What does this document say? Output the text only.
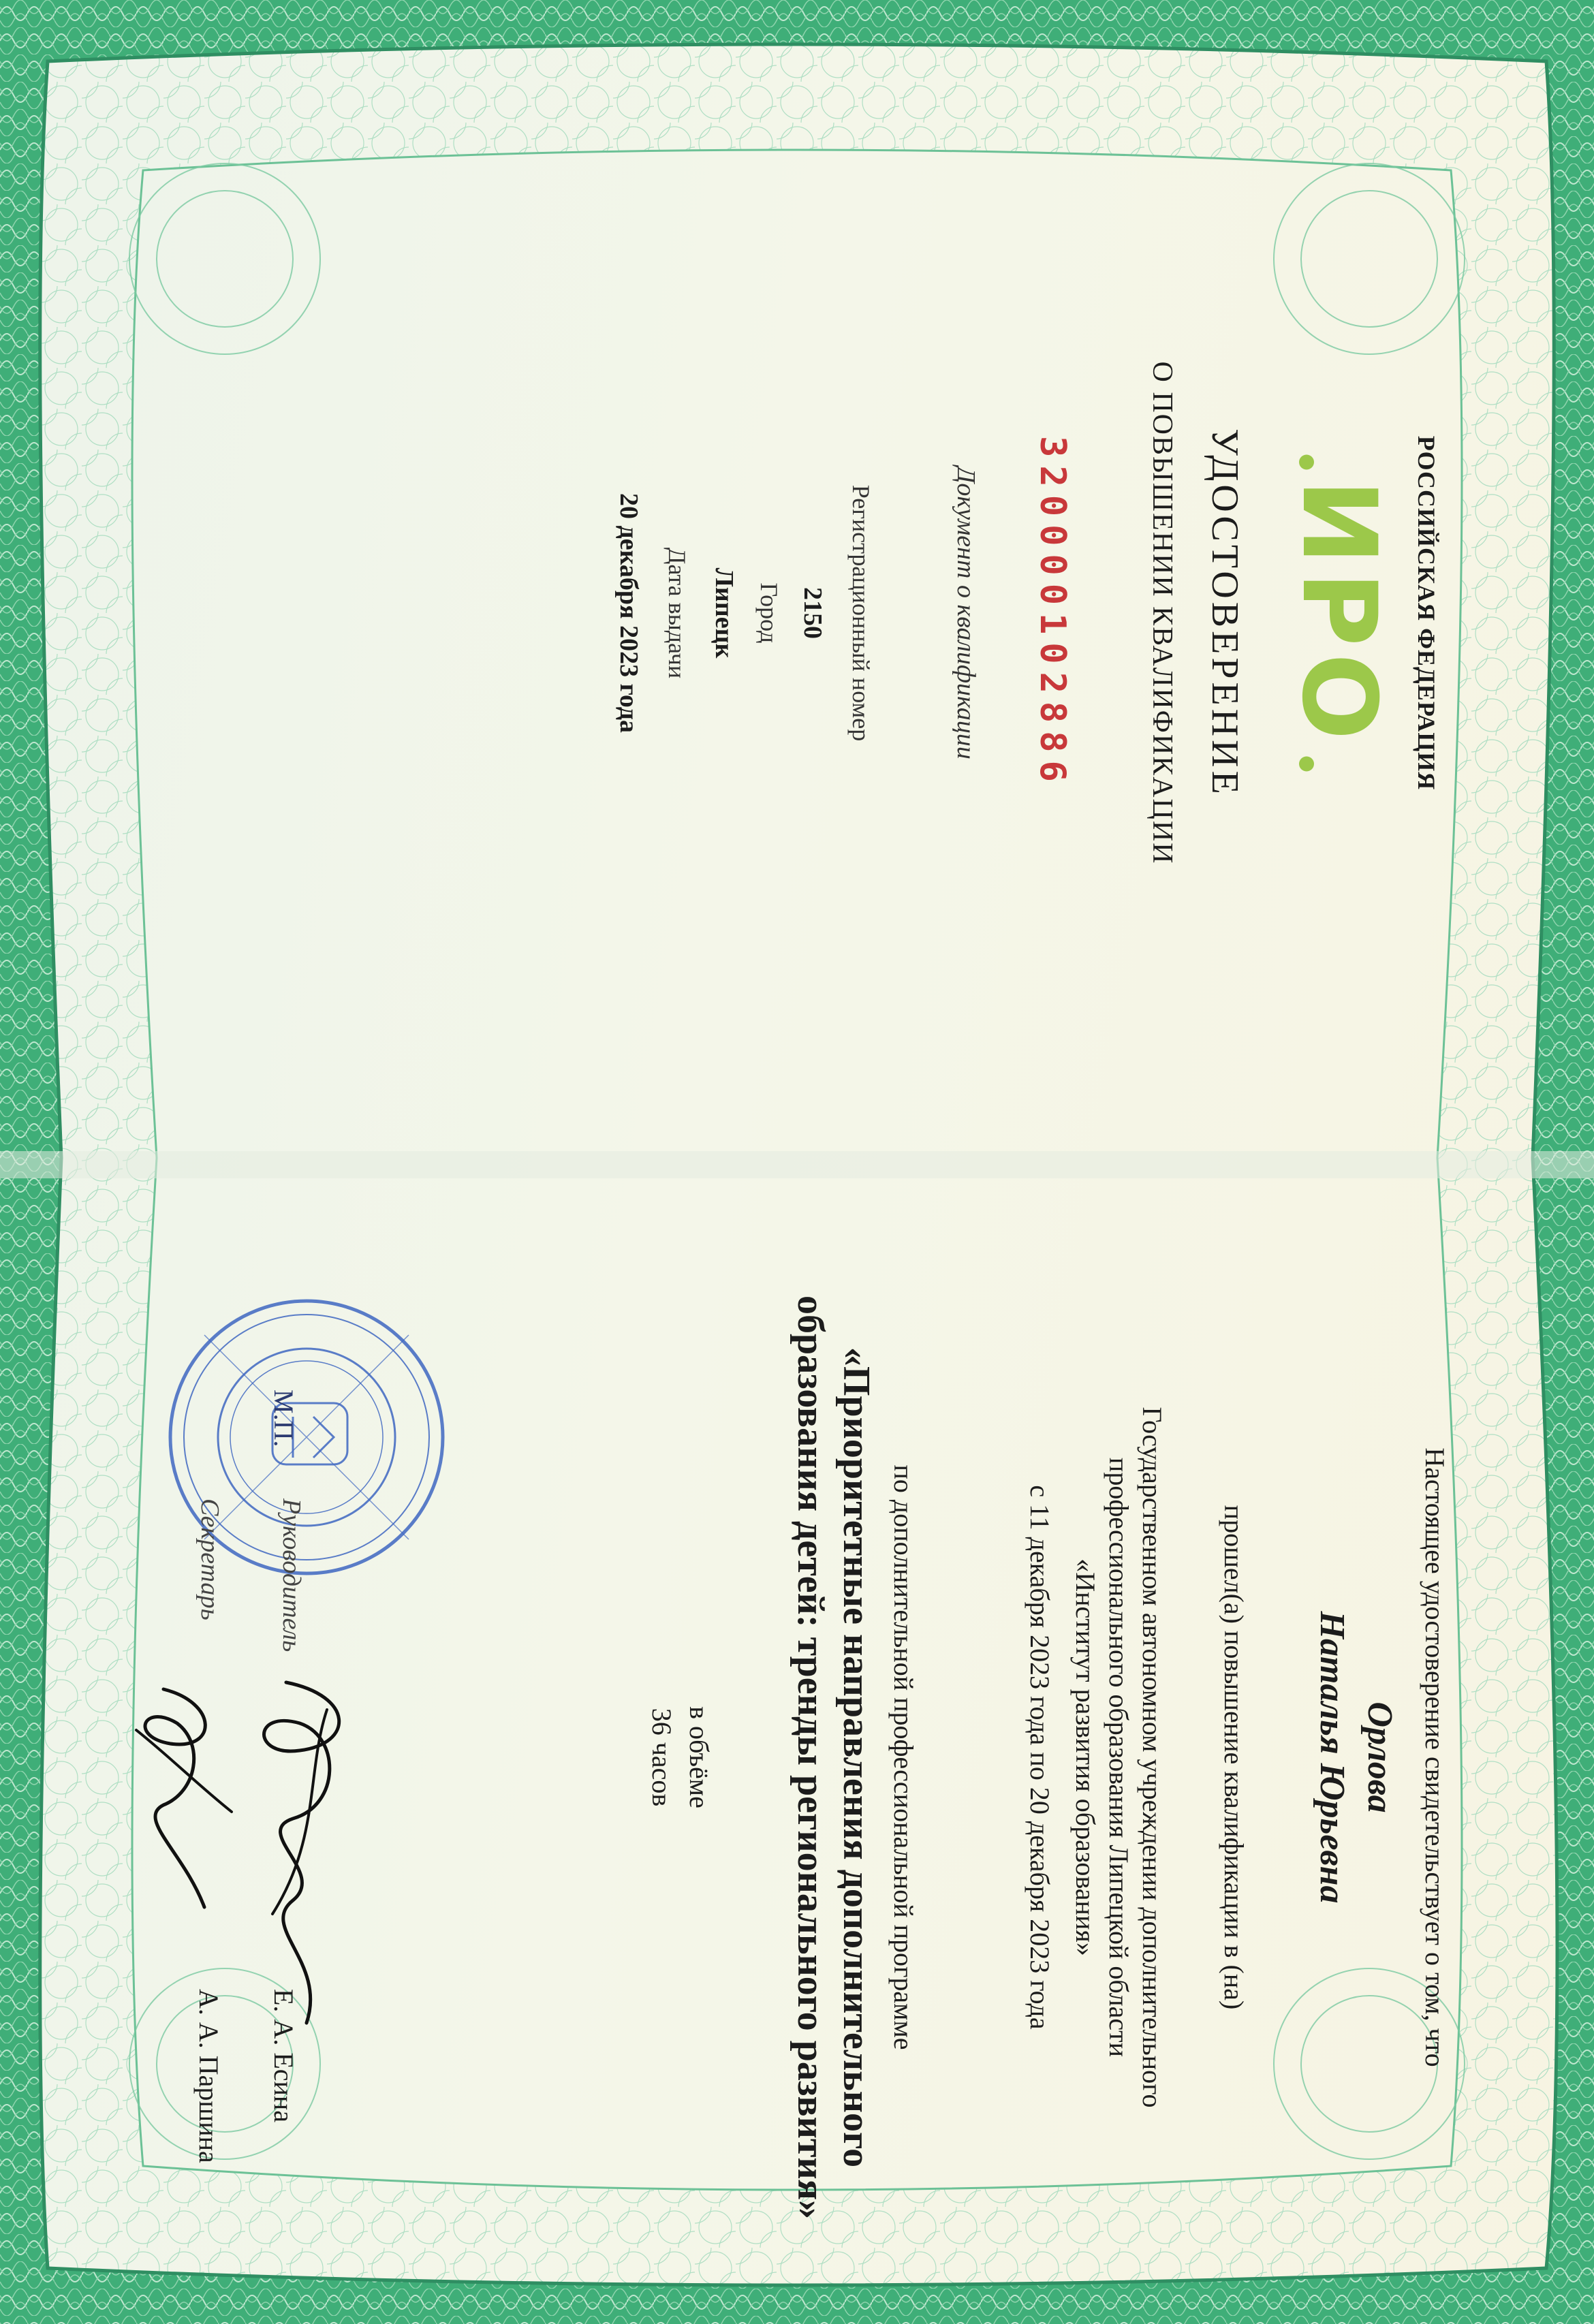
РОССИЙСКАЯ ФЕДЕРАЦИЯ
ИРО
УДОСТОВЕРЕНИЕ
О ПОВЫШЕНИИ КВАЛИФИКАЦИИ
320000102886
Документ о квалификации
Регистрационный номер
2150
Город
Липецк
Дата выдачи
20 декабря 2023 года
Настоящее удостоверение свидетельствует о том, что
Орлова
Наталья Юрьевна
прошел(а) повышение квалификации в (на)
Государственном автономном учреждении дополнительного
профессионального образования Липецкой области
«Институт развития образования»
с 11 декабря 2023 года по 20 декабря 2023 года
по дополнительной профессиональной программе
«Приоритетные направления дополнительного
образования детей: тренды регионального развития»
в объёме
36 часов
М.П.
Руководитель
Е. А. Есина
Секретарь
А. А. Паршина
